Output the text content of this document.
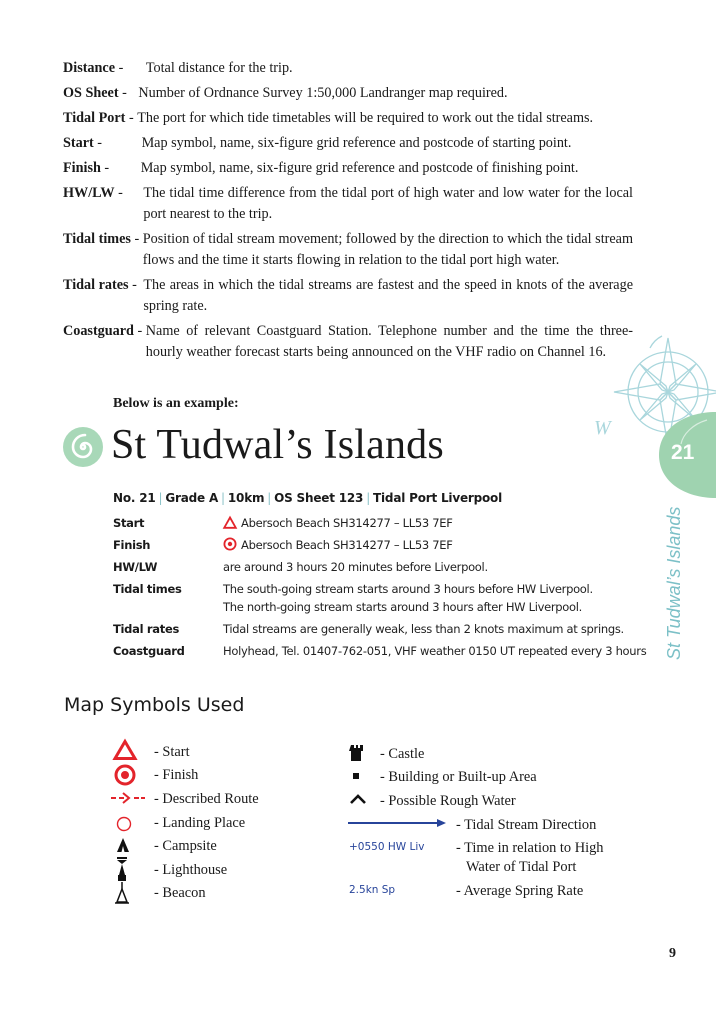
Distance - Total distance for the trip.
OS Sheet - Number of Ordnance Survey 1:50,000 Landranger map required.
Tidal Port - The port for which tide timetables will be required to work out the tidal streams.
Start -	Map symbol, name, six-figure grid reference and postcode of starting point.
Finish - Map symbol, name, six-figure grid reference and postcode of finishing point.
HW/LW - The tidal time difference from the tidal port of high water and low water for the local port nearest to the trip.
Tidal times - Position of tidal stream movement; followed by the direction to which the tidal stream flows and the time it starts flowing in relation to the tidal port high water.
Tidal rates - The areas in which the tidal streams are fastest and the speed in knots of the average spring rate.
Coastguard - Name of relevant Coastguard Station. Telephone number and the time the three-hourly weather forecast starts being announced on the VHF radio on Channel 16.
W
Below is an example:
St Tudwal’s Islands	21
St Tudwal’s Islands
No. 21 | Grade A | 10km | OS Sheet 123 | Tidal Port Liverpool
Start	Abersoch Beach SH314277 – LL53 7EF
Finish	Abersoch Beach SH314277 – LL53 7EF
HW/LW	are around 3 hours 20 minutes before Liverpool.
Tidal times	The south-going stream starts around 3 hours before HW Liverpool.
The north-going stream starts around 3 hours after HW Liverpool.
Tidal rates	Tidal streams are generally weak, less than 2 knots maximum at springs.
Coastguard	Holyhead, Tel. 01407-762-051, VHF weather 0150 UT repeated every 3 hours
Map Symbols Used
- Start
- Finish
- Described Route
- Landing Place
- Campsite
- Lighthouse
- Beacon
+0550 HW Liv
2.5kn Sp
- Castle
- Building or Built-up Area
- Possible Rough Water
- Tidal Stream Direction
- Time in relation to High
Water of Tidal Port
- Average Spring Rate
9
